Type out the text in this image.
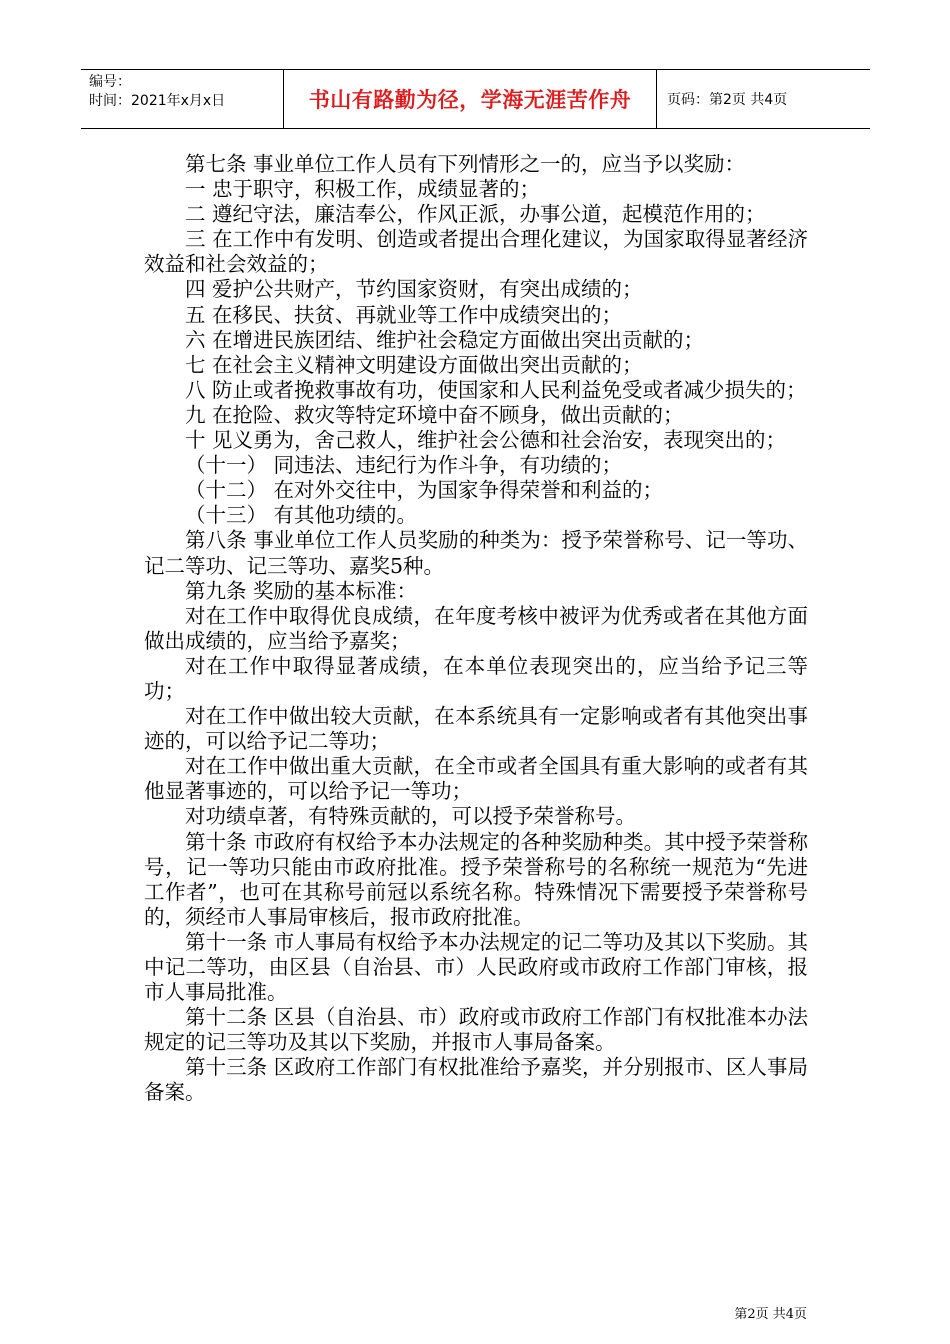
编号：
时间：2021年x月x日	书山有路勤为径，学海无涯苦作舟	页码：第2页 共4页

第七条 事业单位工作人员有下列情形之一的，应当予以奖励：

一 忠于职守，积极工作，成绩显著的；

二 遵纪守法，廉洁奉公，作风正派，办事公道，起模范作用的；

三 在工作中有发明、创造或者提出合理化建议，为国家取得显著经济效益和社会效益的；

四 爱护公共财产，节约国家资财，有突出成绩的；

五 在移民、扶贫、再就业等工作中成绩突出的；

六 在增进民族团结、维护社会稳定方面做出突出贡献的；

七 在社会主义精神文明建设方面做出突出贡献的；

八 防止或者挽救事故有功，使国家和人民利益免受或者减少损失的；

九 在抢险、救灾等特定环境中奋不顾身，做出贡献的；

十 见义勇为，舍己救人，维护社会公德和社会治安，表现突出的；

（十一） 同违法、违纪行为作斗争，有功绩的；

（十二） 在对外交往中，为国家争得荣誉和利益的；

（十三） 有其他功绩的。

第八条 事业单位工作人员奖励的种类为：授予荣誉称号、记一等功、记二等功、记三等功、嘉奖5种。

第九条 奖励的基本标准：

对在工作中取得优良成绩，在年度考核中被评为优秀或者在其他方面做出成绩的，应当给予嘉奖；

对在工作中取得显著成绩，在本单位表现突出的，应当给予记三等功；

对在工作中做出较大贡献，在本系统具有一定影响或者有其他突出事迹的，可以给予记二等功；

对在工作中做出重大贡献，在全市或者全国具有重大影响的或者有其他显著事迹的，可以给予记一等功；

对功绩卓著，有特殊贡献的，可以授予荣誉称号。

第十条 市政府有权给予本办法规定的各种奖励种类。其中授予荣誉称号，记一等功只能由市政府批准。授予荣誉称号的名称统一规范为“先进工作者”，也可在其称号前冠以系统名称。特殊情况下需要授予荣誉称号的，须经市人事局审核后，报市政府批准。

第十一条 市人事局有权给予本办法规定的记二等功及其以下奖励。其中记二等功，由区县（自治县、市）人民政府或市政府工作部门审核，报市人事局批准。

第十二条 区县（自治县、市）政府或市政府工作部门有权批准本办法规定的记三等功及其以下奖励，并报市人事局备案。

第十三条 区政府工作部门有权批准给予嘉奖，并分别报市、区人事局备案。

第2页 共4页
